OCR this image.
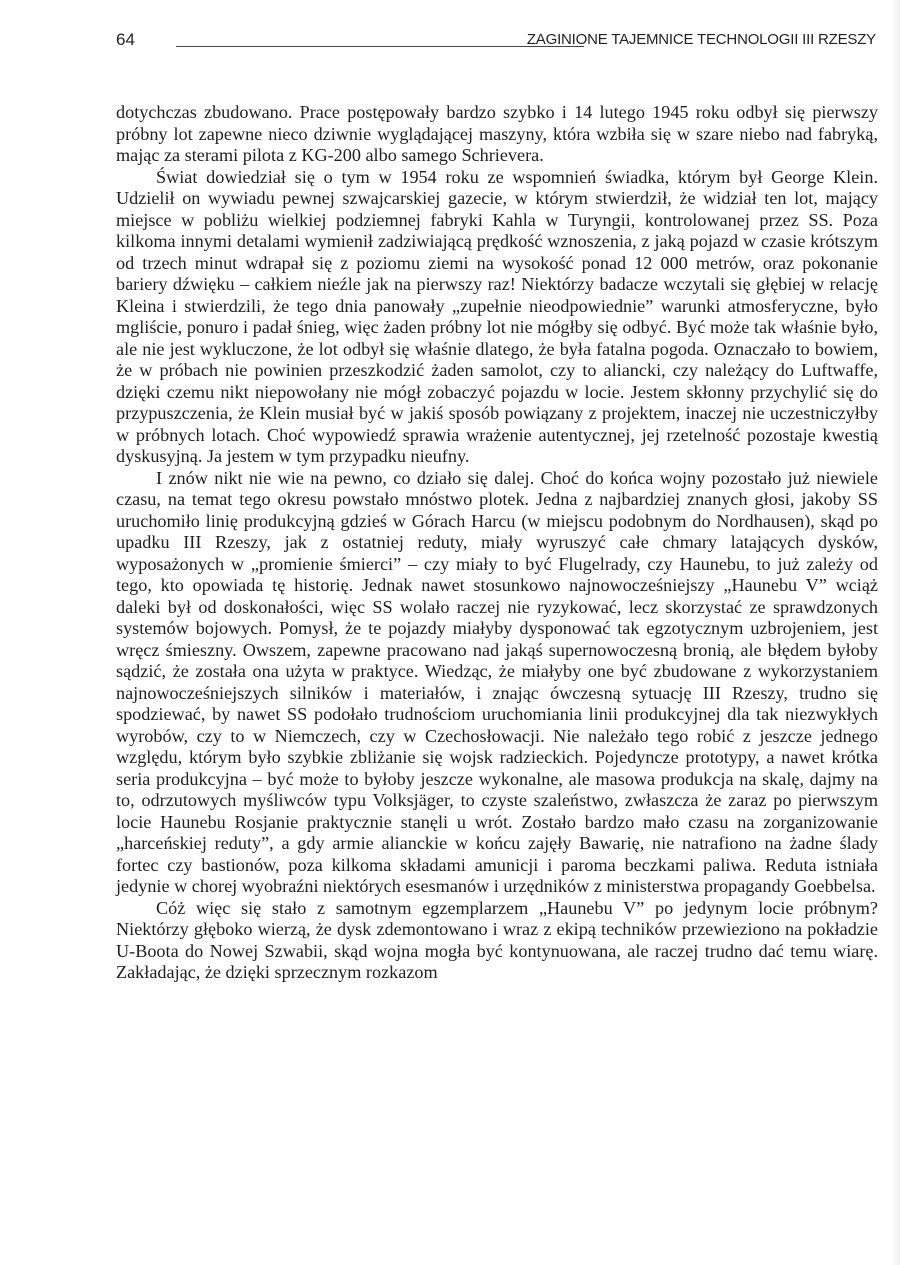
64	ZAGINIONE TAJEMNICE TECHNOLOGII III RZESZY

dotychczas zbudowano. Prace postępowały bardzo szybko i 14 lutego 1945 roku odbył się pierwszy próbny lot zapewne nieco dziwnie wyglądającej maszyny, która wzbiła się w szare niebo nad fabryką, mając za sterami pilota z KG-200 albo samego Schrievera.

Świat dowiedział się o tym w 1954 roku ze wspomnień świadka, którym był George Klein. Udzielił on wywiadu pewnej szwajcarskiej gazecie, w którym stwierdził, że widział ten lot, mający miejsce w pobliżu wielkiej podziemnej fabryki Kahla w Turyngii, kontrolowanej przez SS. Poza kilkoma innymi detalami wymienił zadziwiającą prędkość wznoszenia, z jaką pojazd w czasie krótszym od trzech minut wdrapał się z poziomu ziemi na wysokość ponad 12 000 metrów, oraz pokonanie bariery dźwięku – całkiem nieźle jak na pierwszy raz! Niektórzy badacze wczytali się głębiej w relację Kleina i stwierdzili, że tego dnia panowały „zupełnie nieodpowiednie” warunki atmosferyczne, było mgliście, ponuro i padał śnieg, więc żaden próbny lot nie mógłby się odbyć. Być może tak właśnie było, ale nie jest wykluczone, że lot odbył się właśnie dlatego, że była fatalna pogoda. Oznaczało to bowiem, że w próbach nie powinien przeszkodzić żaden samolot, czy to aliancki, czy należący do Luftwaffe, dzięki czemu nikt niepowołany nie mógł zobaczyć pojazdu w locie. Jestem skłonny przychylić się do przypuszczenia, że Klein musiał być w jakiś sposób powiązany z projektem, inaczej nie uczestniczyłby w próbnych lotach. Choć wypowiedź sprawia wrażenie autentycznej, jej rzetelność pozostaje kwestią dyskusyjną. Ja jestem w tym przypadku nieufny.

I znów nikt nie wie na pewno, co działo się dalej. Choć do końca wojny pozostało już niewiele czasu, na temat tego okresu powstało mnóstwo plotek. Jedna z najbardziej znanych głosi, jakoby SS uruchomiło linię produkcyjną gdzieś w Górach Harcu (w miejscu podobnym do Nordhausen), skąd po upadku III Rzeszy, jak z ostatniej reduty, miały wyruszyć całe chmary latających dysków, wyposażonych w „promienie śmierci” – czy miały to być Flugelrady, czy Haunebu, to już zależy od tego, kto opowiada tę historię. Jednak nawet stosunkowo najnowocześniejszy „Haunebu V” wciąż daleki był od doskonałości, więc SS wolało raczej nie ryzykować, lecz skorzystać ze sprawdzonych systemów bojowych. Pomysł, że te pojazdy miałyby dysponować tak egzotycznym uzbrojeniem, jest wręcz śmieszny. Owszem, zapewne pracowano nad jakąś supernowoczesną bronią, ale błędem byłoby sądzić, że została ona użyta w praktyce. Wiedząc, że miałyby one być zbudowane z wykorzystaniem najnowocześniejszych silników i materiałów, i znając ówczesną sytuację III Rzeszy, trudno się spodziewać, by nawet SS podołało trudnościom uruchomiania linii produkcyjnej dla tak niezwykłych wyrobów, czy to w Niemczech, czy w Czechosłowacji. Nie należało tego robić z jeszcze jednego względu, którym było szybkie zbliżanie się wojsk radzieckich. Pojedyncze prototypy, a nawet krótka seria produkcyjna – być może to byłoby jeszcze wykonalne, ale masowa produkcja na skalę, dajmy na to, odrzutowych myśliwców typu Volksjäger, to czyste szaleństwo, zwłaszcza że zaraz po pierwszym locie Haunebu Rosjanie praktycznie stanęli u wrót. Zostało bardzo mało czasu na zorganizowanie „harceńskiej reduty”, a gdy armie alianckie w końcu zajęły Bawarię, nie natrafiono na żadne ślady fortec czy bastionów, poza kilkoma składami amunicji i paroma beczkami paliwa. Reduta istniała jedynie w chorej wyobraźni niektórych esesmanów i urzędników z ministerstwa propagandy Goebbelsa.

Cóż więc się stało z samotnym egzemplarzem „Haunebu V” po jedynym locie próbnym? Niektórzy głęboko wierzą, że dysk zdemontowano i wraz z ekipą techników przewieziono na pokładzie U-Boota do Nowej Szwabii, skąd wojna mogła być kontynuowana, ale raczej trudno dać temu wiarę. Zakładając, że dzięki sprzecznym rozkazom
